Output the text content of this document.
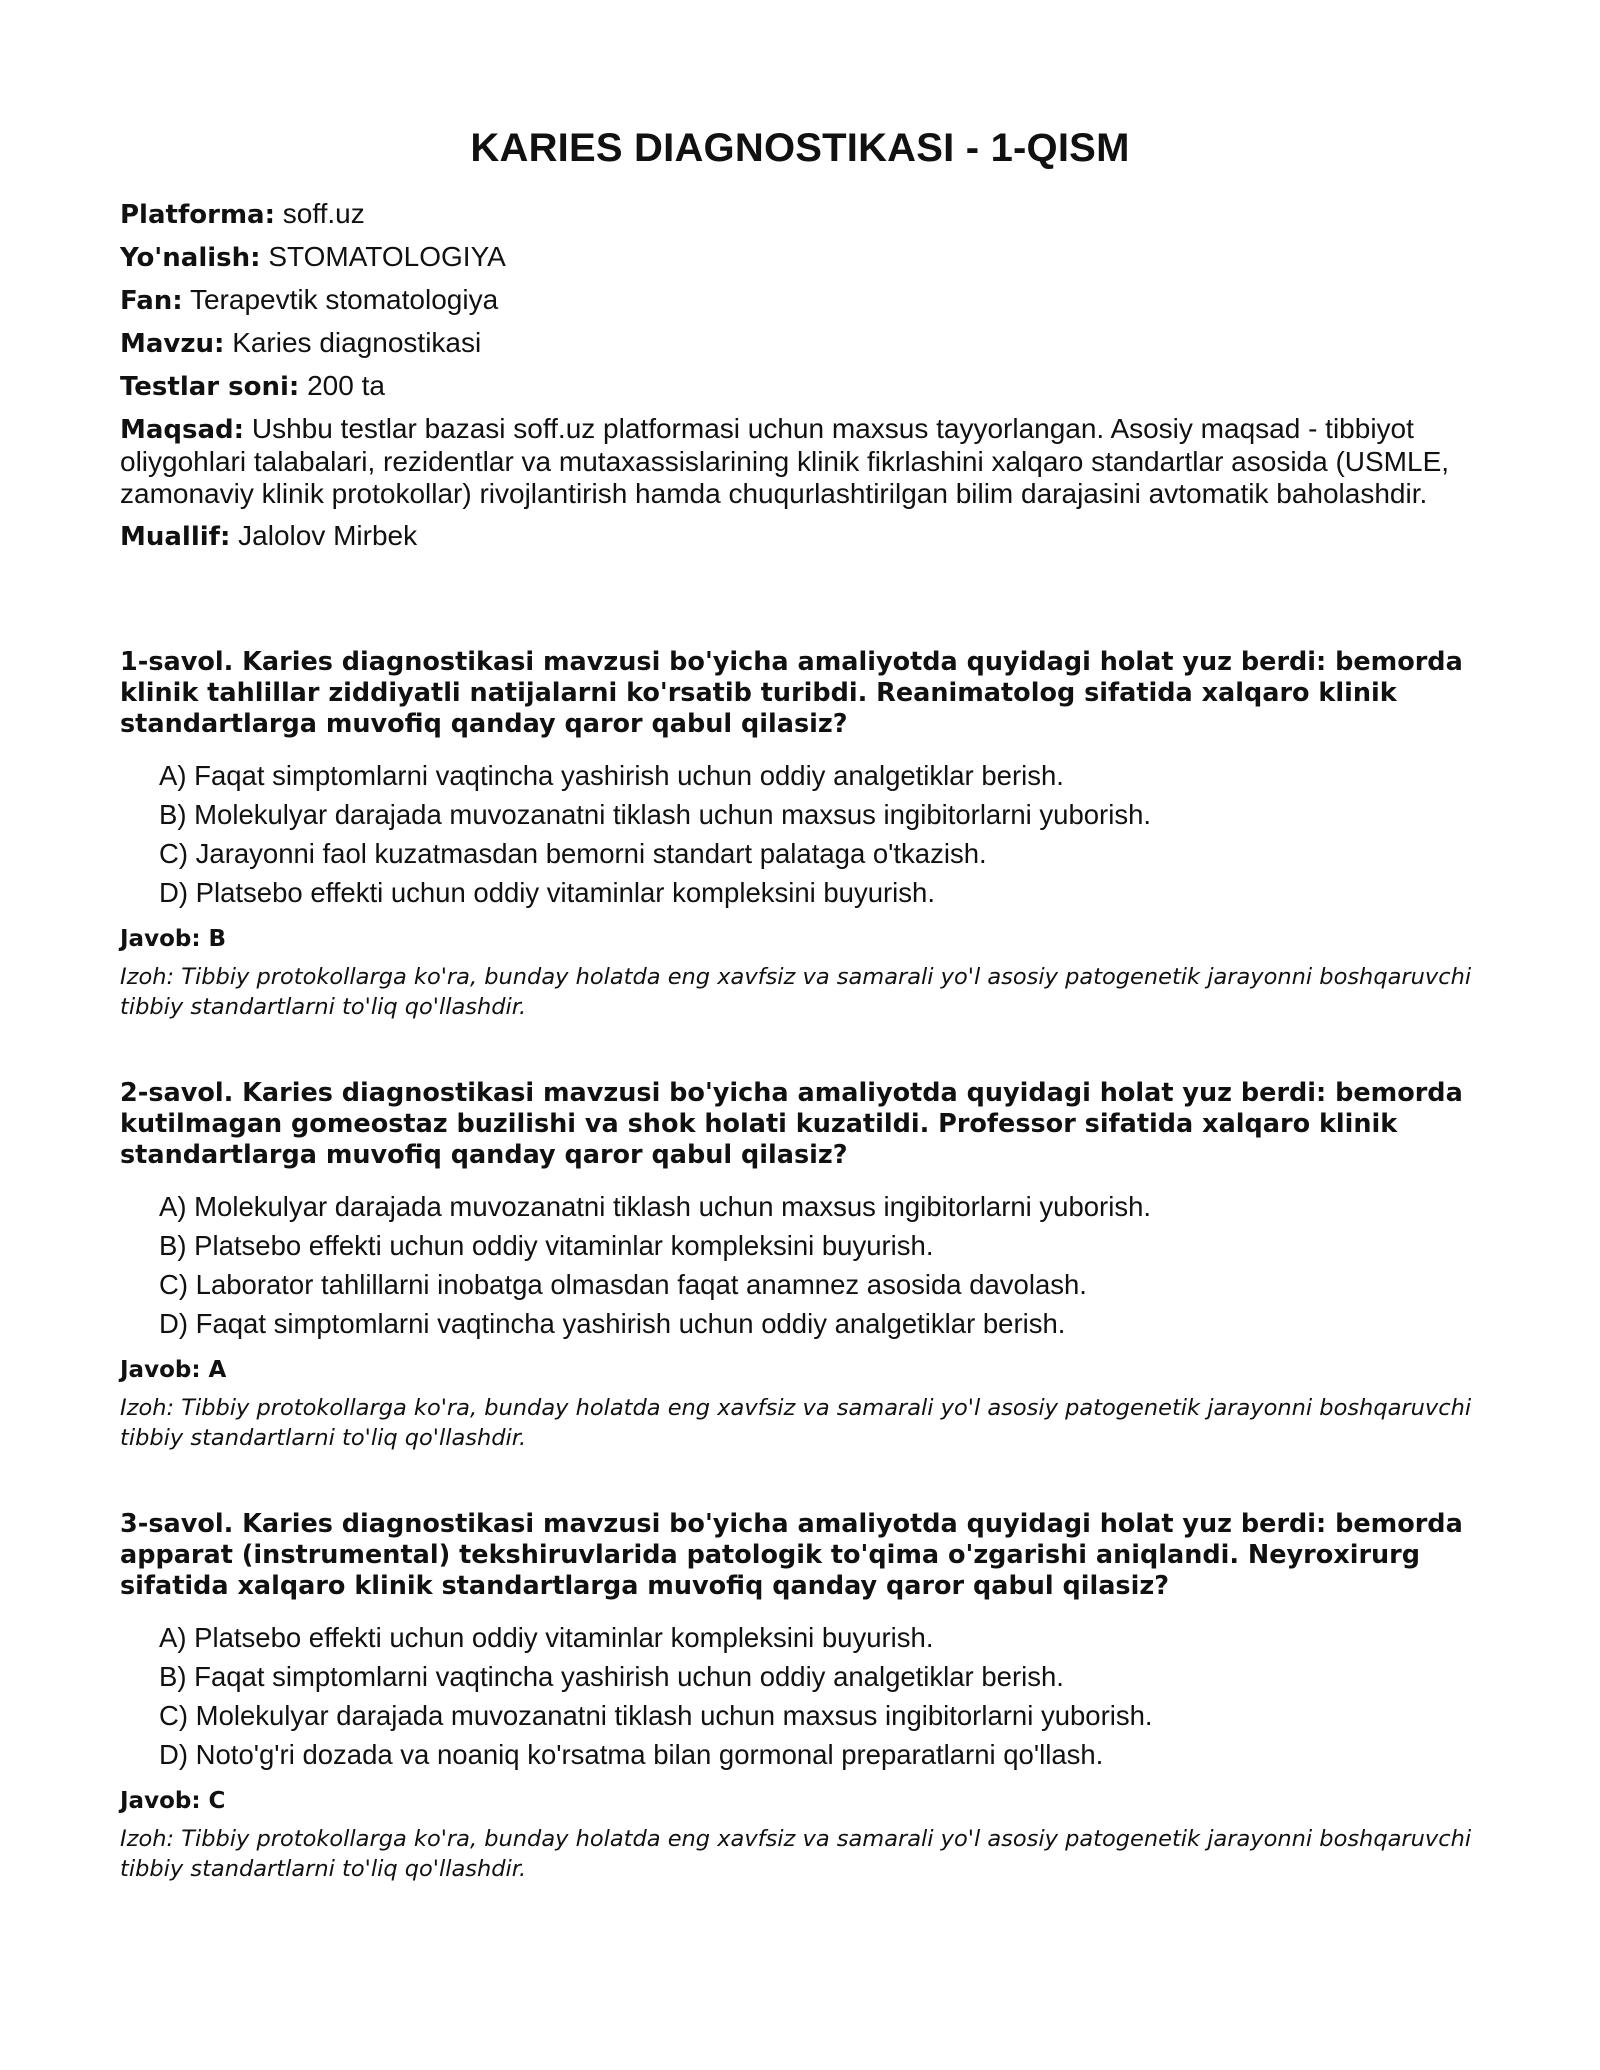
KARIES DIAGNOSTIKASI - 1-QISM

Platforma: soff.uz

Yo'nalish: STOMATOLOGIYA

Fan: Terapevtik stomatologiya

Mavzu: Karies diagnostikasi

Testlar soni: 200 ta

Maqsad: Ushbu testlar bazasi soff.uz platformasi uchun maxsus tayyorlangan. Asosiy maqsad - tibbiyot oliygohlari talabalari, rezidentlar va mutaxassislarining klinik fikrlashini xalqaro standartlar asosida (USMLE, zamonaviy klinik protokollar) rivojlantirish hamda chuqurlashtirilgan bilim darajasini avtomatik baholashdir.

Muallif: Jalolov Mirbek

1-savol. Karies diagnostikasi mavzusi bo'yicha amaliyotda quyidagi holat yuz berdi: bemorda klinik tahlillar ziddiyatli natijalarni ko'rsatib turibdi. Reanimatolog sifatida xalqaro klinik standartlarga muvofiq qanday qaror qabul qilasiz?

A) Faqat simptomlarni vaqtincha yashirish uchun oddiy analgetiklar berish.
B) Molekulyar darajada muvozanatni tiklash uchun maxsus ingibitorlarni yuborish.
C) Jarayonni faol kuzatmasdan bemorni standart palataga o'tkazish.
D) Platsebo effekti uchun oddiy vitaminlar kompleksini buyurish.

Javob: B

Izoh: Tibbiy protokollarga ko'ra, bunday holatda eng xavfsiz va samarali yo'l asosiy patogenetik jarayonni boshqaruvchi tibbiy standartlarni to'liq qo'llashdir.

2-savol. Karies diagnostikasi mavzusi bo'yicha amaliyotda quyidagi holat yuz berdi: bemorda kutilmagan gomeostaz buzilishi va shok holati kuzatildi. Professor sifatida xalqaro klinik standartlarga muvofiq qanday qaror qabul qilasiz?

A) Molekulyar darajada muvozanatni tiklash uchun maxsus ingibitorlarni yuborish.
B) Platsebo effekti uchun oddiy vitaminlar kompleksini buyurish.
C) Laborator tahlillarni inobatga olmasdan faqat anamnez asosida davolash.
D) Faqat simptomlarni vaqtincha yashirish uchun oddiy analgetiklar berish.

Javob: A

Izoh: Tibbiy protokollarga ko'ra, bunday holatda eng xavfsiz va samarali yo'l asosiy patogenetik jarayonni boshqaruvchi tibbiy standartlarni to'liq qo'llashdir.

3-savol. Karies diagnostikasi mavzusi bo'yicha amaliyotda quyidagi holat yuz berdi: bemorda apparat (instrumental) tekshiruvlarida patologik to'qima o'zgarishi aniqlandi. Neyroxirurg sifatida xalqaro klinik standartlarga muvofiq qanday qaror qabul qilasiz?

A) Platsebo effekti uchun oddiy vitaminlar kompleksini buyurish.
B) Faqat simptomlarni vaqtincha yashirish uchun oddiy analgetiklar berish.
C) Molekulyar darajada muvozanatni tiklash uchun maxsus ingibitorlarni yuborish.
D) Noto'g'ri dozada va noaniq ko'rsatma bilan gormonal preparatlarni qo'llash.

Javob: C

Izoh: Tibbiy protokollarga ko'ra, bunday holatda eng xavfsiz va samarali yo'l asosiy patogenetik jarayonni boshqaruvchi tibbiy standartlarni to'liq qo'llashdir.
